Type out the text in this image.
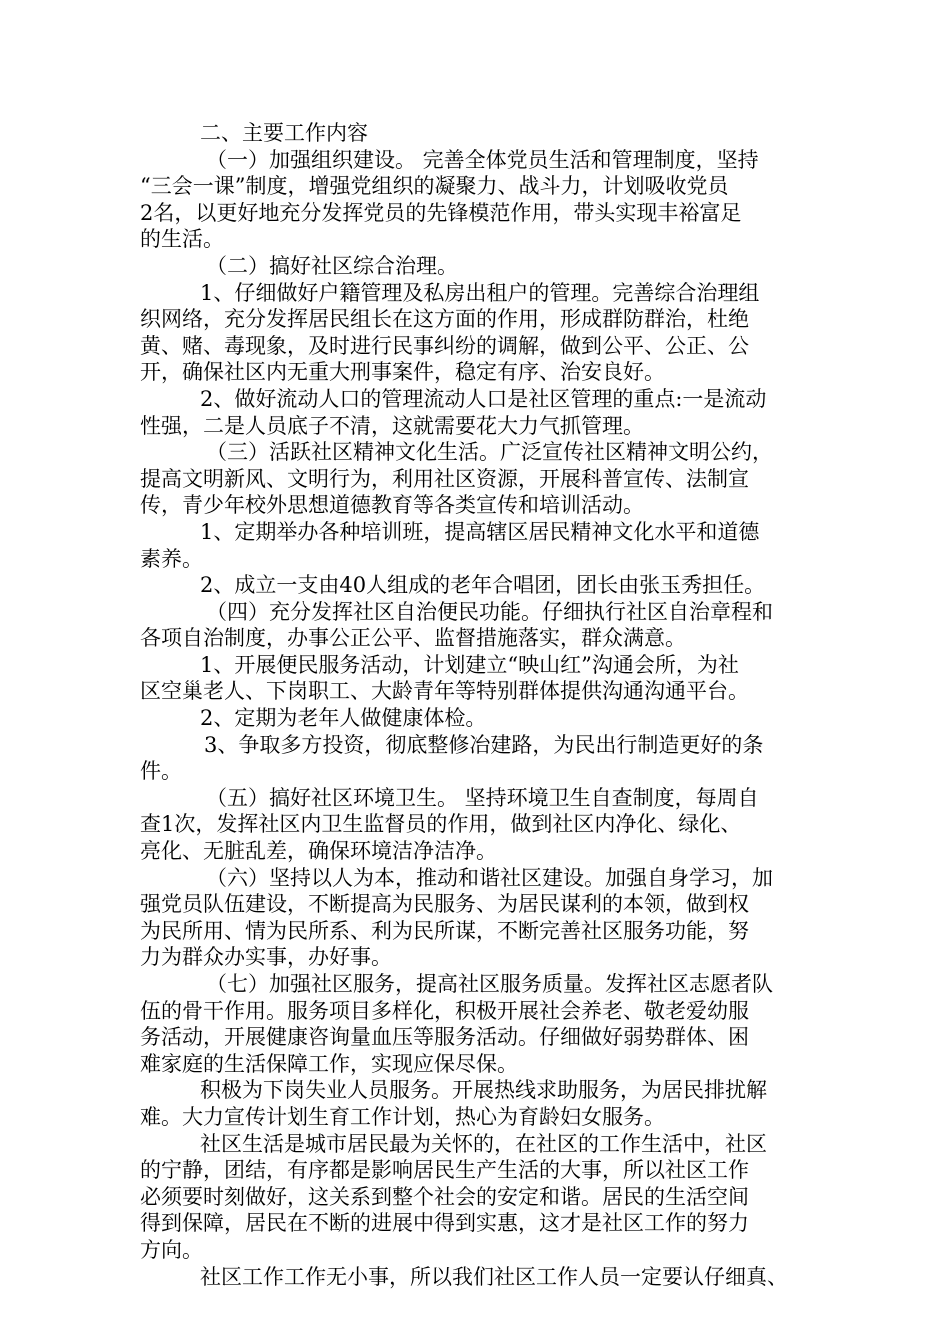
二、主要工作内容
（一）加强组织建设。 完善全体党员生活和管理制度，坚持
“三会一课”制度，增强党组织的凝聚力、战斗力，计划吸收党员
2名，以更好地充分发挥党员的先锋模范作用，带头实现丰裕富足
的生活。
（二）搞好社区综合治理。
1、仔细做好户籍管理及私房出租户的管理。完善综合治理组
织网络，充分发挥居民组长在这方面的作用，形成群防群治，杜绝
黄、赌、毒现象，及时进行民事纠纷的调解，做到公平、公正、公
开，确保社区内无重大刑事案件，稳定有序、治安良好。
2、做好流动人口的管理流动人口是社区管理的重点:一是流动
性强，二是人员底子不清，这就需要花大力气抓管理。
（三）活跃社区精神文化生活。广泛宣传社区精神文明公约，
提高文明新风、文明行为，利用社区资源，开展科普宣传、法制宣
传，青少年校外思想道德教育等各类宣传和培训活动。
1、定期举办各种培训班，提高辖区居民精神文化水平和道德
素养。
2、成立一支由40人组成的老年合唱团，团长由张玉秀担任。
（四）充分发挥社区自治便民功能。仔细执行社区自治章程和
各项自治制度，办事公正公平、监督措施落实，群众满意。
1、开展便民服务活动，计划建立“映山红”沟通会所，为社
区空巢老人、下岗职工、大龄青年等特别群体提供沟通沟通平台。
2、定期为老年人做健康体检。
3、争取多方投资，彻底整修冶建路，为民出行制造更好的条
件。
（五）搞好社区环境卫生。 坚持环境卫生自查制度，每周自
查1次，发挥社区内卫生监督员的作用，做到社区内净化、绿化、
亮化、无脏乱差，确保环境洁净洁净。
（六）坚持以人为本，推动和谐社区建设。加强自身学习，加
强党员队伍建设，不断提高为民服务、为居民谋利的本领，做到权
为民所用、情为民所系、利为民所谋，不断完善社区服务功能，努
力为群众办实事，办好事。
（七）加强社区服务，提高社区服务质量。发挥社区志愿者队
伍的骨干作用。服务项目多样化，积极开展社会养老、敬老爱幼服
务活动，开展健康咨询量血压等服务活动。仔细做好弱势群体、困
难家庭的生活保障工作，实现应保尽保。
积极为下岗失业人员服务。开展热线求助服务，为居民排扰解
难。大力宣传计划生育工作计划，热心为育龄妇女服务。
社区生活是城市居民最为关怀的，在社区的工作生活中，社区
的宁静，团结，有序都是影响居民生产生活的大事，所以社区工作
必须要时刻做好，这关系到整个社会的安定和谐。居民的生活空间
得到保障，居民在不断的进展中得到实惠，这才是社区工作的努力
方向。
社区工作工作无小事，所以我们社区工作人员一定要认仔细真、
